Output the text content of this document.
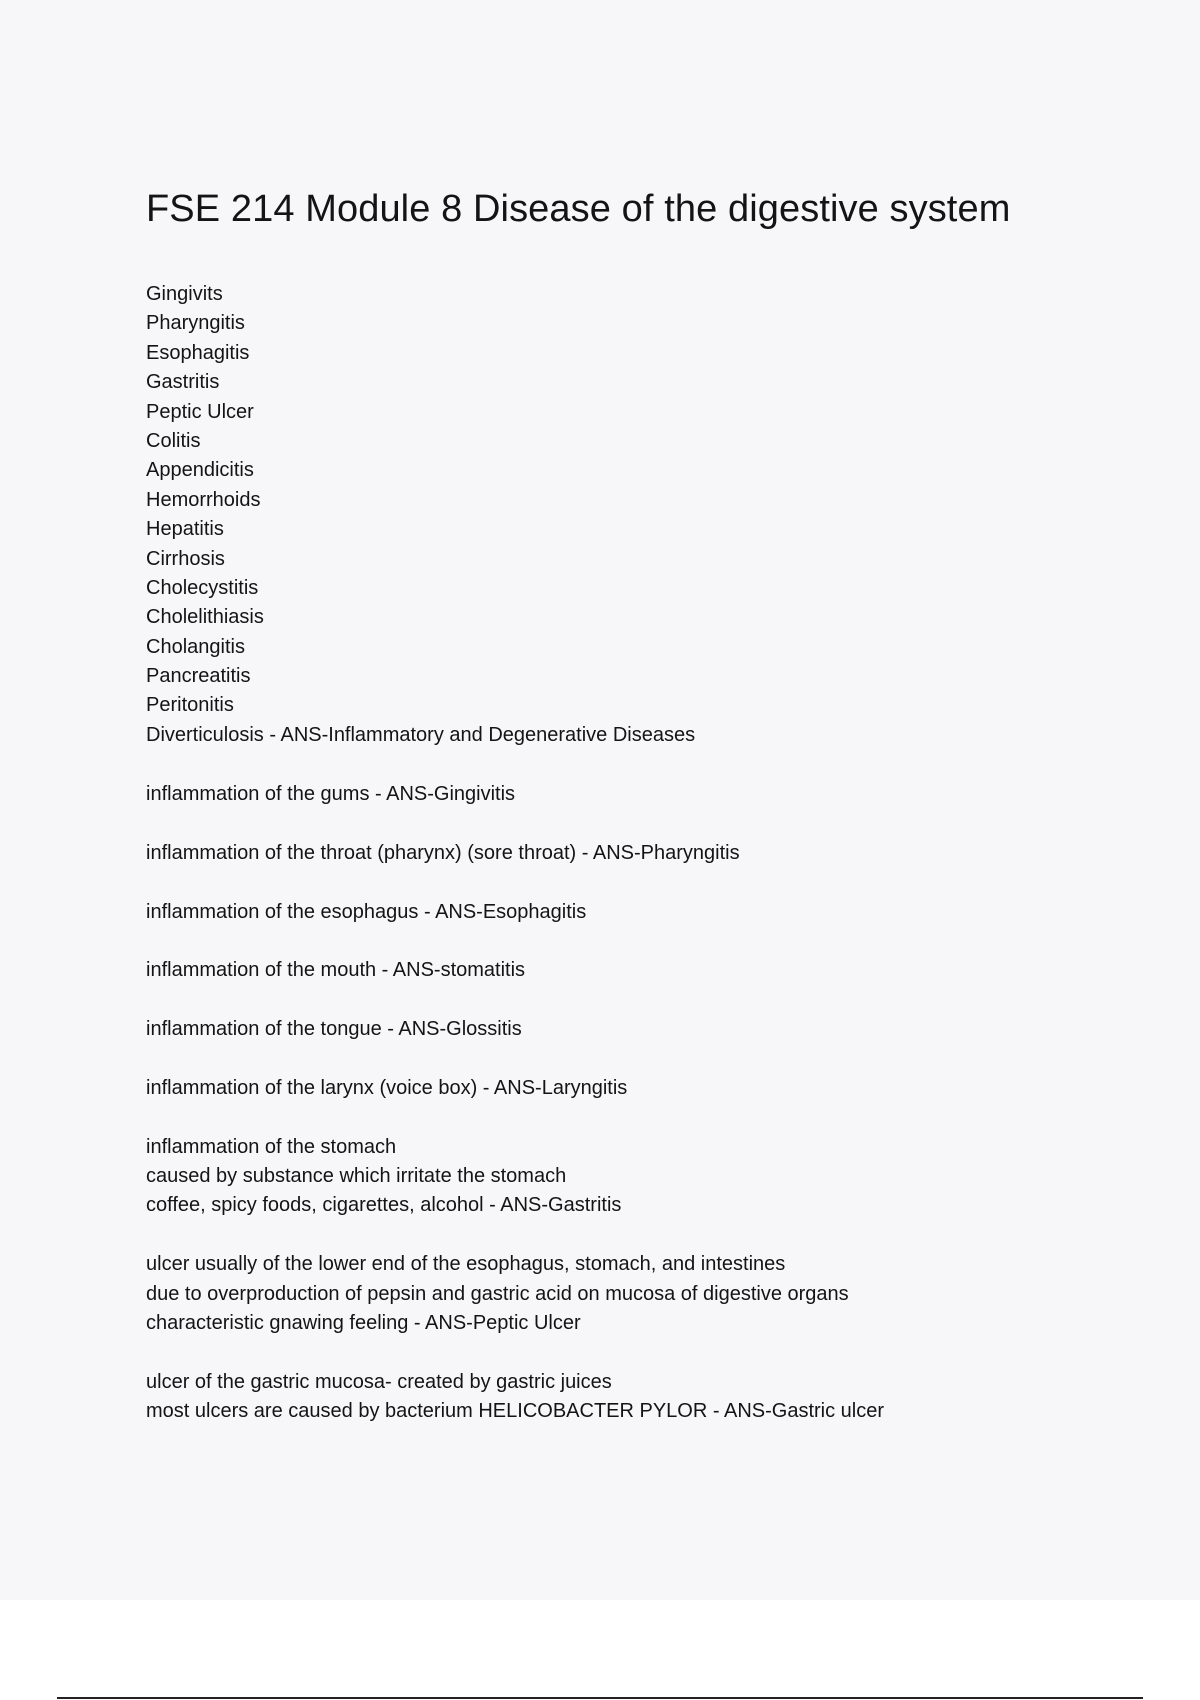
FSE 214 Module 8 Disease of the digestive system
Gingivits
Pharyngitis
Esophagitis
Gastritis
Peptic Ulcer
Colitis
Appendicitis
Hemorrhoids
Hepatitis
Cirrhosis
Cholecystitis
Cholelithiasis
Cholangitis
Pancreatitis
Peritonitis
Diverticulosis - ANS-Inflammatory and Degenerative Diseases
inflammation of the gums - ANS-Gingivitis
inflammation of the throat (pharynx) (sore throat) - ANS-Pharyngitis
inflammation of the esophagus - ANS-Esophagitis
inflammation of the mouth - ANS-stomatitis
inflammation of the tongue - ANS-Glossitis
inflammation of the larynx (voice box) - ANS-Laryngitis
inflammation of the stomach
caused by substance which irritate the stomach
coffee, spicy foods, cigarettes, alcohol - ANS-Gastritis
ulcer usually of the lower end of the esophagus, stomach, and intestines
due to overproduction of pepsin and gastric acid on mucosa of digestive organs
characteristic gnawing feeling - ANS-Peptic Ulcer
ulcer of the gastric mucosa- created by gastric juices
most ulcers are caused by bacterium HELICOBACTER PYLOR - ANS-Gastric ulcer
